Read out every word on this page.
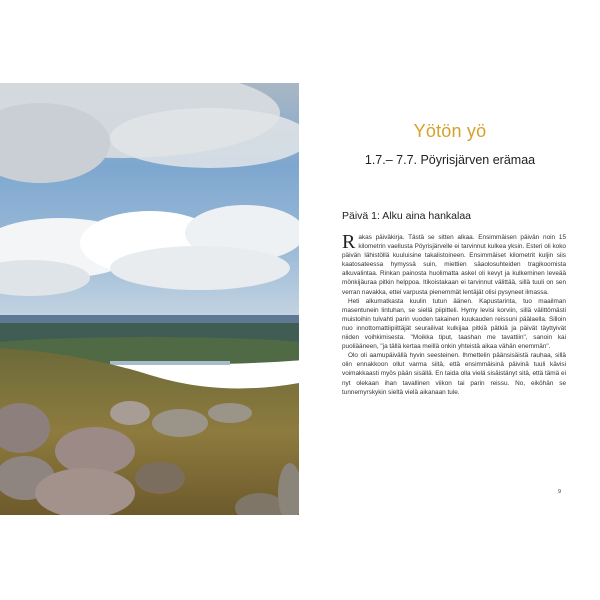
Yötön yö
1.7.– 7.7. Pöyrisjärven erämaa
Päivä 1: Alku aina hankalaa

Rakas päiväkirja. Tästä se sitten alkaa. Ensimmäisen päivän noin 15 kilometrin vaellusta Pöyrisjärvelle ei tarvinnut kulkea yksin. Esteri oli koko päivän lähistöllä kuuluisine takalistoineen. Ensimmäiset kilometrit kuljin siis kaatosateessa hymyssä suin, miettien säaolosuhteiden tragikoomista alkuvalintaa. Rinkan painosta huolimatta askel oli kevyt ja kulkeminen leveää mönkijäuraa pitkin helppoa. Itikoistakaan ei tarvinnut välittää, sillä tuuli on sen verran navakka, ettei varpusta pienemmät lentäjät olisi pysyneet ilmassa.

Heti alkumatkasta kuulin tutun äänen. Kapustarinta, tuo maailman masentunein lintuhan, se siellä piipitteli. Hymy levisi korviin, sillä välittömästi muistoihin tulvahti parin vuoden takainen kuukauden reissuni päälaella. Silloin nuo innottomattiipiittäjät seurailivat kulkijaa pitkiä pätkiä ja päivät täyttyivät niiden voihkimisesta. "Moikka tiput, taashan me tavattiin", sanoin kai puoliääneen, "ja tällä kertaa meillä onkin yhteistä aikaa vähän enemmän".

Olo oli aamupäivällä hyvin seesteinen. Ihmettelin päänsisäistä rauhaa, sillä olin ennakkoon ollut varma siitä, että ensimmäisinä päivinä tuuli kävisi voimakkaasti myös pään sisällä. En taida olla vielä sisäistänyt sitä, että tämä ei nyt olekaan ihan tavallinen viikon tai parin reissu. No, eiköhän se tunnemyrskykin sieltä vielä aikanaan tule.

9
